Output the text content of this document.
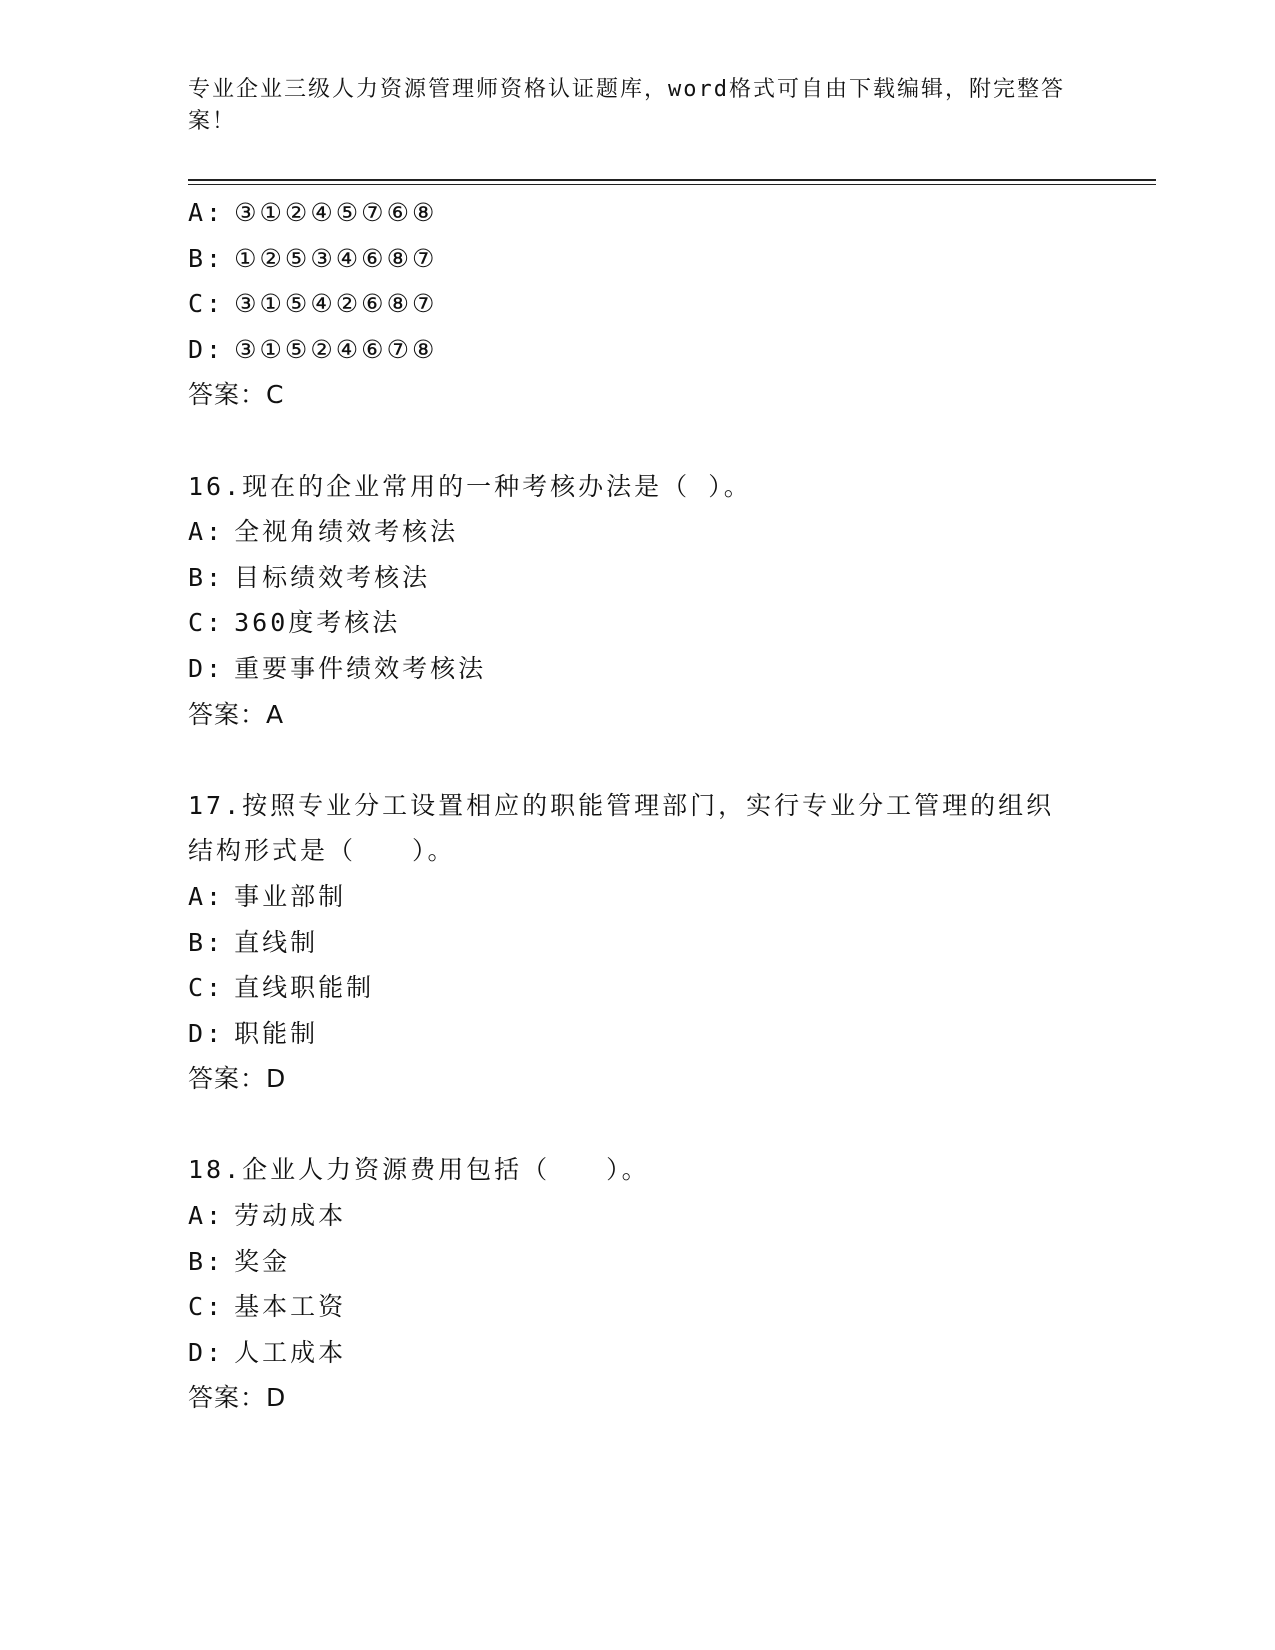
专业企业三级人力资源管理师资格认证题库，word格式可自由下载编辑，附完整答案！

A: ③①②④⑤⑦⑥⑧

B: ①②⑤③④⑥⑧⑦

C: ③①⑤④②⑥⑧⑦

D: ③①⑤②④⑥⑦⑧

答案：C

16.现在的企业常用的一种考核办法是（ ）。

A: 全视角绩效考核法

B: 目标绩效考核法

C: 360度考核法

D: 重要事件绩效考核法

答案：A

17.按照专业分工设置相应的职能管理部门，实行专业分工管理的组织

结构形式是（　　）。

A: 事业部制

B: 直线制

C: 直线职能制

D: 职能制

答案：D

18.企业人力资源费用包括（　　）。

A: 劳动成本

B: 奖金

C: 基本工资

D: 人工成本

答案：D
